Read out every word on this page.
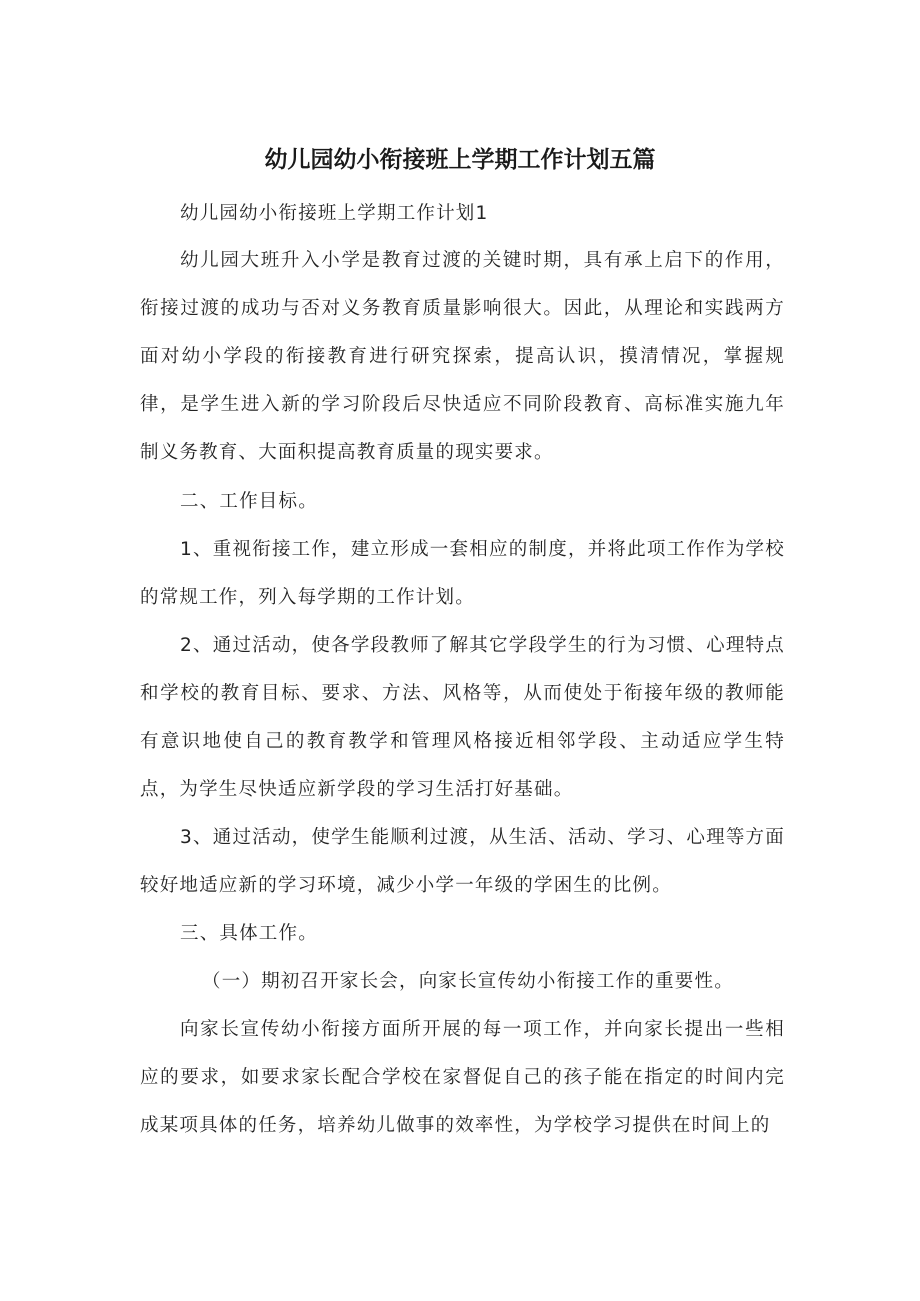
幼儿园幼小衔接班上学期工作计划五篇

幼儿园幼小衔接班上学期工作计划1

幼儿园大班升入小学是教育过渡的关键时期，具有承上启下的作用，衔接过渡的成功与否对义务教育质量影响很大。因此，从理论和实践两方面对幼小学段的衔接教育进行研究探索，提高认识，摸清情况，掌握规律，是学生进入新的学习阶段后尽快适应不同阶段教育、高标准实施九年制义务教育、大面积提高教育质量的现实要求。

二、工作目标。

1、重视衔接工作，建立形成一套相应的制度，并将此项工作作为学校的常规工作，列入每学期的工作计划。

2、通过活动，使各学段教师了解其它学段学生的行为习惯、心理特点和学校的教育目标、要求、方法、风格等，从而使处于衔接年级的教师能有意识地使自己的教育教学和管理风格接近相邻学段、主动适应学生特点，为学生尽快适应新学段的学习生活打好基础。

3、通过活动，使学生能顺利过渡，从生活、活动、学习、心理等方面较好地适应新的学习环境，减少小学一年级的学困生的比例。

三、具体工作。

（一）期初召开家长会，向家长宣传幼小衔接工作的重要性。

向家长宣传幼小衔接方面所开展的每一项工作，并向家长提出一些相应的要求，如要求家长配合学校在家督促自己的孩子能在指定的时间内完成某项具体的任务，培养幼儿做事的效率性，为学校学习提供在时间上的
